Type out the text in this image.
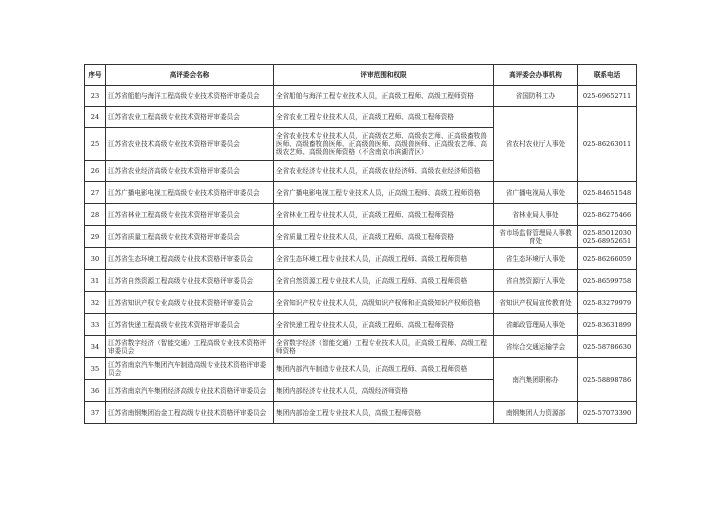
序号	高评委会名称	评审范围和权限	高评委会办事机构	联系电话
23	江苏省船舶与海洋工程高级专业技术资格评审委员会	全省船舶与海洋工程专业技术人员，正高级工程师、高级工程师资格	省国防科工办	025-69652711
24	江苏省农业工程高级专业技术资格评审委员会	全省农业工程专业技术人员，正高级工程师、高级工程师资格	省农村农业厅人事处	025-86263011
25	江苏省农业技术高级专业技术资格评审委员会	全省农业技术专业技术人员，正高级农艺师、高级农艺师、正高级畜牧兽医师、高级畜牧兽医师、正高级兽医师、高级兽医师、正高级农艺师、高级农艺师、高级兽医师资格（不含南京市滨湖青区）		
26	江苏省农业经济高级专业技术资格评审委员会	全省农业经济专业技术人员，正高级农业经济师、高级农业经济师资格		
27	江苏广播电影电视工程高级专业技术资格评审委员会	全省广播电影电视工程专业技术人员，正高级工程师、高级工程师资格	省广播电视局人事处	025-84651548
28	江苏省林业工程高级专业技术资格评审委员会	全省林业工程专业技术人员，正高级工程师、高级工程师资格	省林业局人事处	025-86275466
29	江苏省质量工程高级专业技术资格评审委员会	全省质量工程专业技术人员，正高级工程师、高级工程师资格	省市场监督管理局人事教育处	025-85012030 025-68952651
30	江苏省生态环境工程高级专业技术资格评审委员会	全省生态环境工程专业技术人员，正高级工程师、高级工程师资格	省生态环境厅人事处	025-86266059
31	江苏省自然资源工程高级专业技术资格评审委员会	全省自然资源工程专业技术人员，正高级工程师、高级工程师资格	省自然资源厅人事处	025-86599758
32	江苏省知识产权专业高级专业技术资格评审委员会	全省知识产权专业技术人员，高级知识产权师和正高级知识产权师资格	省知识产权局宣传教育处	025-83279979
33	江苏省快递工程高级专业技术资格评审委员会	全省快递工程专业技术人员，正高级工程师、高级工程师资格	省邮政管理局人事处	025-83631899
34	江苏省数字经济（智能交通）工程高级专业技术资格评审委员会	全省数字经济（智能交通）工程专业技术人员，正高级工程师、高级工程师资格	省综合交通运输学会	025-58786630
35	江苏省南京汽车集团汽车制造高级专业技术资格评审委员会	集团内部汽车制造专业技术人员，正高级工程师、高级工程师资格	南汽集团职称办	025-58898786
36	江苏省南京汽车集团经济高级专业技术资格评审委员会	集团内部经济专业技术人员，高级经济师资格		
37	江苏省南钢集团冶金工程高级专业技术资格评审委员会	集团内部冶金工程专业技术人员，高级工程师资格	南钢集团人力资源部	025-57073390
